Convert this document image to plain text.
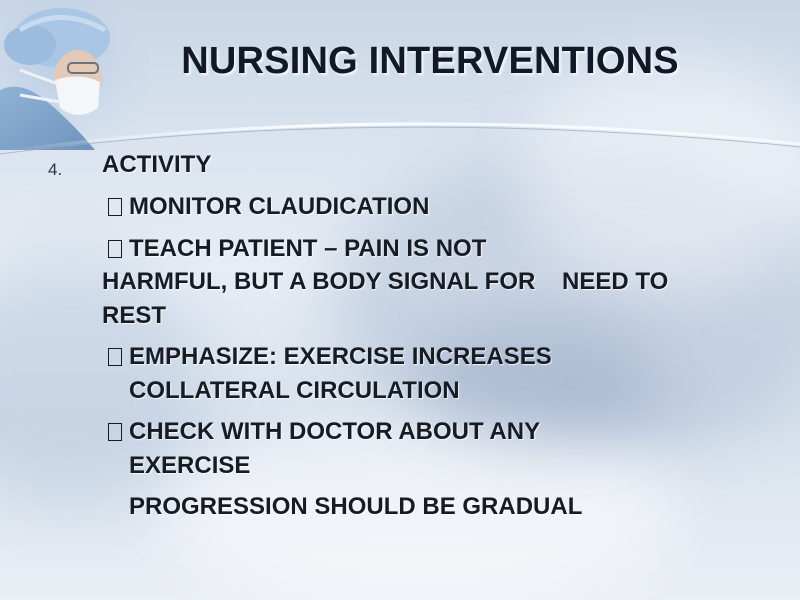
NURSING INTERVENTIONS
4. ACTIVITY
MONITOR CLAUDICATION
TEACH PATIENT – PAIN IS NOT
HARMFUL, BUT A BODY SIGNAL FOR    NEED TO
REST
EMPHASIZE: EXERCISE INCREASES
COLLATERAL CIRCULATION
CHECK WITH DOCTOR ABOUT ANY
EXERCISE
PROGRESSION SHOULD BE GRADUAL
